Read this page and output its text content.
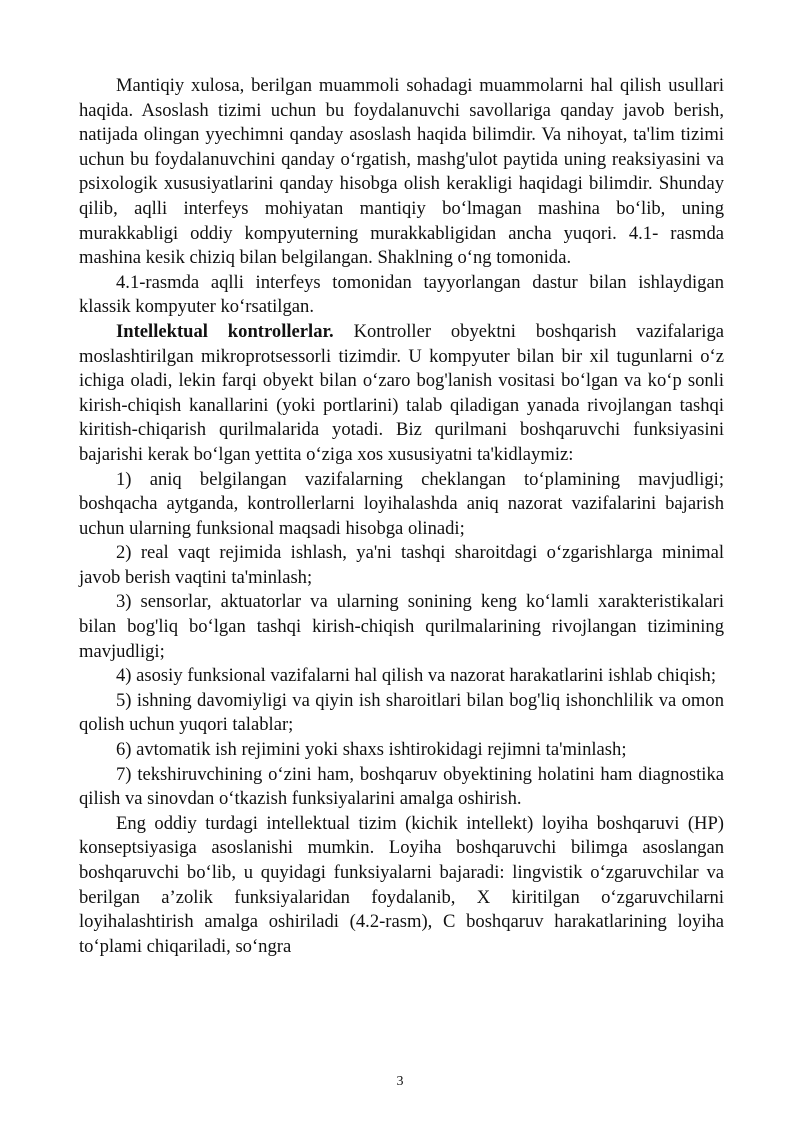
Mantiqiy xulosa, berilgan muammoli sohadagi muammolarni hal qilish usullari haqida. Asoslash tizimi uchun bu foydalanuvchi savollariga qanday javob berish, natijada olingan yyechimni qanday asoslash haqida bilimdir. Va nihoyat, ta'lim tizimi uchun bu foydalanuvchini qanday oʻrgatish, mashg'ulot paytida uning reaksiyasini va psixologik xususiyatlarini qanday hisobga olish kerakligi haqidagi bilimdir. Shunday qilib, aqlli interfeys mohiyatan mantiqiy boʻlmagan mashina boʻlib, uning murakkabligi oddiy kompyuterning murakkabligidan ancha yuqori. 4.1- rasmda mashina kesik chiziq bilan belgilangan. Shaklning oʻng tomonida.

4.1-rasmda aqlli interfeys tomonidan tayyorlangan dastur bilan ishlaydigan klassik kompyuter koʻrsatilgan.

Intellektual kontrollerlar. Kontroller obyektni boshqarish vazifalariga moslashtirilgan mikroprotsessorli tizimdir. U kompyuter bilan bir xil tugunlarni oʻz ichiga oladi, lekin farqi obyekt bilan oʻzaro bog'lanish vositasi boʻlgan va koʻp sonli kirish-chiqish kanallarini (yoki portlarini) talab qiladigan yanada rivojlangan tashqi kiritish-chiqarish qurilmalarida yotadi. Biz qurilmani boshqaruvchi funksiyasini bajarishi kerak boʻlgan yettita oʻziga xos xususiyatni ta'kidlaymiz:

1) aniq belgilangan vazifalarning cheklangan toʻplamining mavjudligi; boshqacha aytganda, kontrollerlarni loyihalashda aniq nazorat vazifalarini bajarish uchun ularning funksional maqsadi hisobga olinadi;

2) real vaqt rejimida ishlash, ya'ni tashqi sharoitdagi oʻzgarishlarga minimal javob berish vaqtini ta'minlash;

3) sensorlar, aktuatorlar va ularning sonining keng koʻlamli xarakteristikalari bilan bog'liq boʻlgan tashqi kirish-chiqish qurilmalarining rivojlangan tizimining mavjudligi;

4) asosiy funksional vazifalarni hal qilish va nazorat harakatlarini ishlab chiqish;

5) ishning davomiyligi va qiyin ish sharoitlari bilan bog'liq ishonchlilik va omon qolish uchun yuqori talablar;

6) avtomatik ish rejimini yoki shaxs ishtirokidagi rejimni ta'minlash;

7) tekshiruvchining oʻzini ham, boshqaruv obyektining holatini ham diagnostika qilish va sinovdan oʻtkazish funksiyalarini amalga oshirish.

Eng oddiy turdagi intellektual tizim (kichik intellekt) loyiha boshqaruvi (HP) konseptsiyasiga asoslanishi mumkin. Loyiha boshqaruvchi bilimga asoslangan boshqaruvchi boʻlib, u quyidagi funksiyalarni bajaradi: lingvistik oʻzgaruvchilar va berilgan aʼzolik funksiyalaridan foydalanib, X kiritilgan oʻzgaruvchilarni loyihalashtirish amalga oshiriladi (4.2-rasm), C boshqaruv harakatlarining loyiha toʻplami chiqariladi, soʻngra

3
